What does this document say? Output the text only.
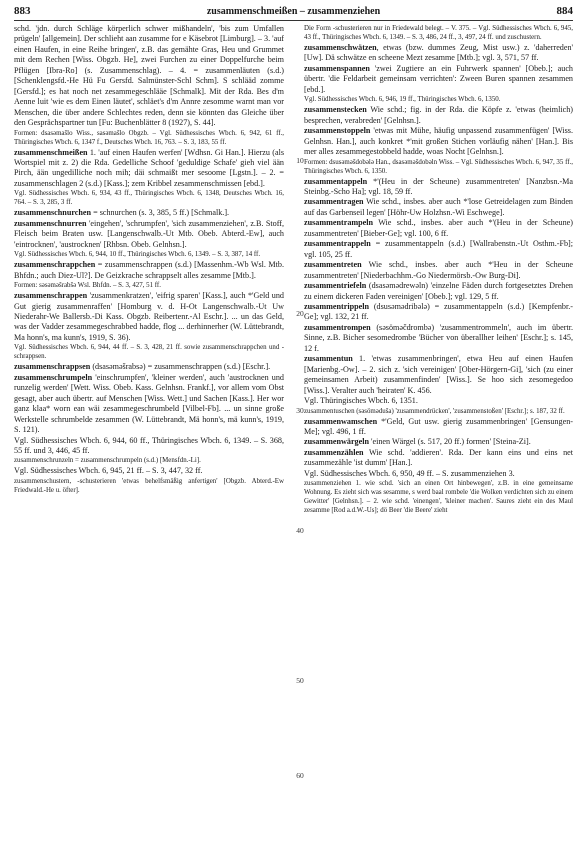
883	zusammenschmeißen – zusammenziehen	884
10
20
30
40
50
60

schd. 'jdn. durch Schläge körperlich schwer mißhandeln', 'bis zum Umfallen prügeln' [allgemein]. Der schlieht aan zusamme for e Käsebrot [Limburg]. – 3. 'auf einen Haufen, in eine Reihe bringen', z.B. das gemähte Gras, Heu und Grummet mit dem Rechen [Wiss. Obgzb. He], zwei Furchen zu einer Doppelfurche beim Pflügen [Ibra-Ro] (s. Zusammenschlag). – 4. = zusammenläuten (s.d.) [Schenklengsfd.-He Hü Fu Gersfd. Salmünster-Schl Schm]. S schlääd zomme [Gersfd.]; es hat noch net zesammegeschlääe [Schmalk]. Mit der Rda. Bes d'm Aenne luit 'wie es dem Einen läutet', schläet's d'm Annre zesomme warnt man vor Menschen, die über andere Schlechtes reden, denn sie könnten das Gleiche über den Gesprächspartner tun [Fu: Buchenblätter 8 (1927), S. 44].

Formen: dsasəmašlo Wiss., sasəmašlo Obgzb. – Vgl. Südhessisches Wbch. 6, 942, 61 ff., Thüringisches Wbch. 6, 1347 f., Deutsches Wbch. 16, 763. – S. 3, 183, 55 ff.

zusammenschmeißen 1. 'auf einen Haufen werfen' [Wdhsn. Gi Han.]. Hierzu (als Wortspiel mit z. 2) die Rda. Gedelliche Schoof 'geduldige Schafe' gieh viel ään Pirch, ään ungedilliche noch mih; däi schmaißt mer sesoome [Lgstn.]. – 2. = zusammenschlagen 2 (s.d.) [Kass.]; zem Kribbel zesammenschmissen [ebd.].

Vgl. Südhessisches Wbch. 6, 934, 43 ff., Thüringisches Wbch. 6, 1348, Deutsches Wbch. 16, 764. – S. 3, 285, 3 ff.

zusammenschnurchen = schnurchen (s. 3, 385, 5 ff.) [Schmalk.].

zusammenschnurren 'eingehen', 'schrumpfen', 'sich zusammenziehen', z.B. Stoff, Fleisch beim Braten usw. [Langenschwalb.-Ut Mtb. Obeb. Abterd.-Ew], auch 'eintrocknen', 'austrocknen' [Rhbsn. Obeb. Gelnhsn.].

Vgl. Südhessisches Wbch. 6, 944, 10 ff., Thüringisches Wbch. 6, 1349. – S. 3, 387, 14 ff.

zusammenschrappchen = zusammenschrappen (s.d.) [Massenhm.-Wb Wsl. Mtb. Bhfdn.; auch Diez-Ul?]. De Geizkrache schrappselt alles zesamme [Mtb.].

Formen: səsəməšrabšə Wsl. Bhfdn. – S. 3, 427, 51 ff.

zusammenschrappen 'zusammenkratzen', 'eifrig sparen' [Kass.], auch *'Geld und Gut gierig zusammenraffen' [Homburg v. d. H-Ot Langenschwalb.-Ut Uw Niederahr-We Ballersb.-Di Kass. Obgzb. Reibertenr.-Al Eschr.]. ... un das Geld, was der Vadder zesammegeschrabbed hadde, flog ... derhinnerher (W. Lüttebrandt, Ma honn's, ma kunn's, 1919, S. 36).

Vgl. Südhessisches Wbch. 6, 944, 44 ff. – S. 3, 428, 21 ff. sowie zusammenschrappchen und -schrappsen.

zusammenschrappsen (dsasəməšrabsə) = zusammenschrappen (s.d.) [Eschr.].

zusammenschrumpeln 'einschrumpfen', 'kleiner werden', auch 'austrocknen und runzelig werden' [Wett. Wiss. Obeb. Kass. Gelnhsn. Frankf.], vor allem vom Obst gesagt, aber auch übertr. auf Menschen [Wiss. Wett.] und Sachen [Kass.]. Her wor ganz klaa* worn ean wäi zesammegeschrumbeld [Vilbel-Fb]. ... un sinne große Werkstelle schrumbelde zesammen (W. Lüttebrandt, Mä honn's, mä kunn's, 1919, S. 121).

Vgl. Südhessisches Wbch. 6, 944, 60 ff., Thüringisches Wbch. 6, 1349. – S. 368, 55 ff. und 3, 446, 45 ff.

zusammenschrunzeln = zusammenschrumpeln (s.d.) [Mensfdn.-Li].

Vgl. Südhessisches Wbch. 6, 945, 21 ff. – S. 3, 447, 32 ff.

zusammenschustern, -schusterieren 'etwas behelfsmäßig anfertigen' [Obgzb. Abterd.-Ew Friedwald.-He u. öfter].

Die Form -schusterieren nur in Friedewald belegt. – V. 375. – Vgl. Südhessisches Wbch. 6, 945, 43 ff., Thüringisches Wbch. 6, 1349. – S. 3, 486, 24 ff., 3, 497, 24 ff. und zuschustern.

zusammenschwätzen, etwas (bzw. dummes Zeug, Mist usw.) z. 'daherreden' [Uw]. Dä schwätze en scheene Mezt zesamme [Mtb.]; vgl. 3, 571, 57 ff.

zusammenspannen 'zwei Zugtiere an ein Fuhrwerk spannen' [Obeb.]; auch übertr. 'die Feldarbeit gemeinsam verrichten': Zween Buren spannen zesammen [ebd.].

Vgl. Südhessisches Wbch. 6, 946, 19 ff., Thüringisches Wbch. 6, 1350.

zusammenstecken Wie schd.; fig. in der Rda. die Köpfe z. 'etwas (heimlich) besprechen, verabreden' [Gelnhsn.].

zusammenstoppeln 'etwas mit Mühe, häufig unpassend zusammenfügen' [Wiss. Gelnhsn. Han.], auch konkret *'mit großen Stichen vorläufig nähen' [Han.]. Bis mer alles zesammegestobbeld hadde, woas Nocht [Gelnhsn.].

Formen: dsusəməšdobələ Han., dsasəməšdobəln Wiss. – Vgl. Südhessisches Wbch. 6, 947, 35 ff., Thüringisches Wbch. 6, 1350.

zusammentappeln *'(Heu in der Scheune) zusammentreten' [Nanzbsn.-Ma Steinbg.-Scho Ha]; vgl. 18, 59 ff.

zusammentragen Wie schd., insbes. aber auch *'lose Getreidelagen zum Binden auf das Garbenseil legen' [Höhr-Uw Holzhsn.-Wi Eschwege].

zusammentrampeln Wie schd., insbes. aber auch *'(Heu in der Scheune) zusammentreten' [Bieber-Ge]; vgl. 100, 6 ff.

zusammentrappeln = zusammentappeln (s.d.) [Wallrabenstn.-Ut Osthm.-Fb]; vgl. 105, 25 ff.

zusammentreten Wie schd., insbes. aber auch *'Heu in der Scheune zusammentreten' [Niederbachhm.-Go Niedermörsb.-Ow Burg-Di].

zusammentriefeln (dsasəmədrewəln) 'einzelne Fäden durch fortgesetztes Drehen zu einem dickeren Faden vereinigen' [Obeb.]; vgl. 129, 5 ff.

zusammentrippeln (dsusəmədribələ) = zusammentappeln (s.d.) [Kempfenbr.-Ge]; vgl. 132, 21 ff.

zusammentrompen (səsöməčdrombə) 'zusammentrommeln', auch im übertr. Sinne, z.B. Bicher sesomedrombe 'Bücher von überallher leihen' [Eschr.]; s. 145, 12 f.

zusammentun 1. 'etwas zusammenbringen', etwa Heu auf einen Haufen [Marienbg.-Ow]. – 2. sich z. 'sich vereinigen' [Ober-Hörgern-Gi], 'sich (zu einer gemeinsamen Arbeit) zusammenfinden' [Wiss.]. Se hoo sich zesomegedoo [Wiss.]. Veralter auch 'heiraten' K. 456.

Vgl. Thüringisches Wbch. 6, 1351.

zusammentuschen (səsöməduša) 'zusammendrücken', 'zusammenstoßen' [Eschr.]; s. 187, 32 ff.

zusammenwamschen *'Geld, Gut usw. gierig zusammenbringen' [Gensungen-Me]; vgl. 496, 1 ff.

zusammenwärgeln 'einen Wärgel (s. 517, 20 ff.) formen' [Steina-Zi].

zusammenzählen Wie schd. 'addieren'. Rda. Der kann eins und eins net zusammezähle 'ist dumm' [Han.].

Vgl. Südhessisches Wbch. 6, 950, 49 ff. – S. zusammenziehen 3.

zusammenziehen 1. wie schd. 'sich an einen Ort hinbewegen', z.B. in eine gemeinsame Wohnung. Es zieht sich was sesamme, s werd baal rombele 'die Wolken verdichten sich zu einem Gewitter' [Gelnhsn.]. – 2. wie schd. 'einengen', 'kleiner machen'. Saures zieht ein des Maul zesamme [Rod a.d.W.-Us]; dö Beer 'die Beere' zieht
